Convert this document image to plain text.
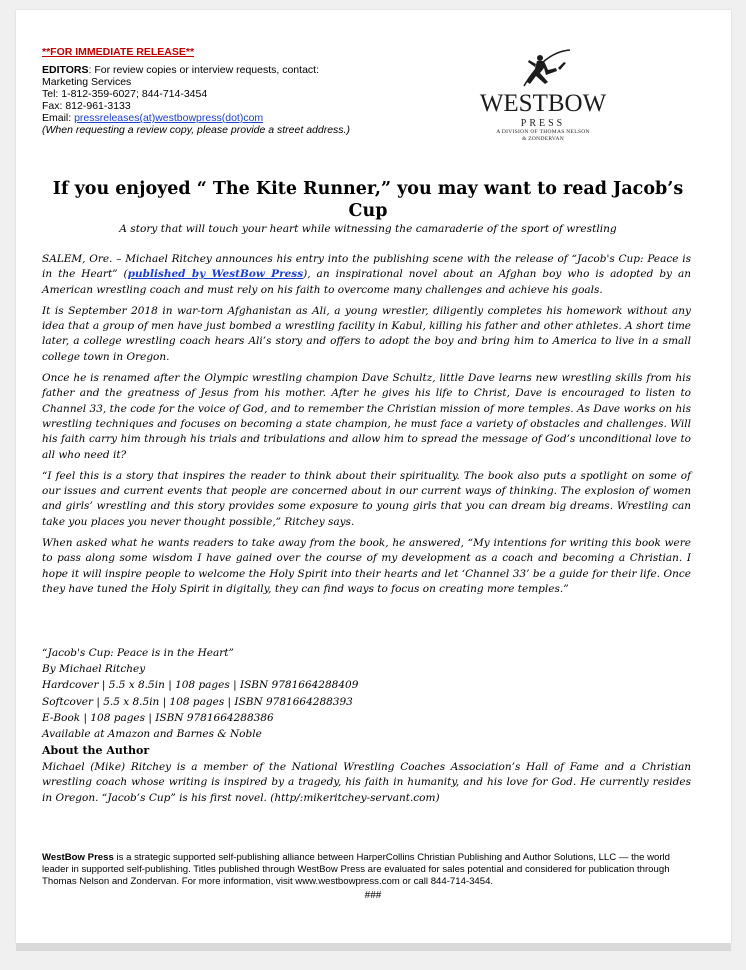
**FOR IMMEDIATE RELEASE**
EDITORS: For review copies or interview requests, contact:
Marketing Services
Tel: 1-812-359-6027; 844-714-3454
Fax: 812-961-3133
Email: pressreleases(at)westbowpress(dot)com
(When requesting a review copy, please provide a street address.)
WESTBOW
PRESS
A DIVISION OF THOMAS NELSON
& ZONDERVAN
If you enjoyed “ The Kite Runner,” you may want to read Jacob’s Cup
A story that will touch your heart while witnessing the camaraderie of the sport of wrestling

SALEM, Ore. – Michael Ritchey announces his entry into the publishing scene with the release of “Jacob's Cup: Peace is in the Heart” (published by WestBow Press), an inspirational novel about an Afghan boy who is adopted by an American wrestling coach and must rely on his faith to overcome many challenges and achieve his goals.

It is September 2018 in war-torn Afghanistan as Ali, a young wrestler, diligently completes his homework without any idea that a group of men have just bombed a wrestling facility in Kabul, killing his father and other athletes. A short time later, a college wrestling coach hears Ali’s story and offers to adopt the boy and bring him to America to live in a small college town in Oregon.

Once he is renamed after the Olympic wrestling champion Dave Schultz, little Dave learns new wrestling skills from his father and the greatness of Jesus from his mother. After he gives his life to Christ, Dave is encouraged to listen to Channel 33, the code for the voice of God, and to remember the Christian mission of more temples. As Dave works on his wrestling techniques and focuses on becoming a state champion, he must face a variety of obstacles and challenges. Will his faith carry him through his trials and tribulations and allow him to spread the message of God’s unconditional love to all who need it?

“I feel this is a story that inspires the reader to think about their spirituality. The book also puts a spotlight on some of our issues and current events that people are concerned about in our current ways of thinking. The explosion of women and girls’ wrestling and this story provides some exposure to young girls that you can dream big dreams. Wrestling can take you places you never thought possible,” Ritchey says.

When asked what he wants readers to take away from the book, he answered, “My intentions for writing this book were to pass along some wisdom I have gained over the course of my development as a coach and becoming a Christian. I hope it will inspire people to welcome the Holy Spirit into their hearts and let ‘Channel 33’ be a guide for their life. Once they have tuned the Holy Spirit in digitally, they can find ways to focus on creating more temples.”

“Jacob's Cup: Peace is in the Heart”
By Michael Ritchey
Hardcover | 5.5 x 8.5in | 108 pages | ISBN 9781664288409
Softcover | 5.5 x 8.5in | 108 pages | ISBN 9781664288393
E-Book | 108 pages | ISBN 9781664288386
Available at Amazon and Barnes & Noble
About the Author
Michael (Mike) Ritchey is a member of the National Wrestling Coaches Association’s Hall of Fame and a Christian wrestling coach whose writing is inspired by a tragedy, his faith in humanity, and his love for God. He currently resides in Oregon. “Jacob’s Cup” is his first novel. (http/:mikeritchey-servant.com)
WestBow Press is a strategic supported self-publishing alliance between HarperCollins Christian Publishing and Author Solutions, LLC — the world leader in supported self-publishing. Titles published through WestBow Press are evaluated for sales potential and considered for publication through Thomas Nelson and Zondervan. For more information, visit www.westbowpress.com or call 844-714-3454.
###
